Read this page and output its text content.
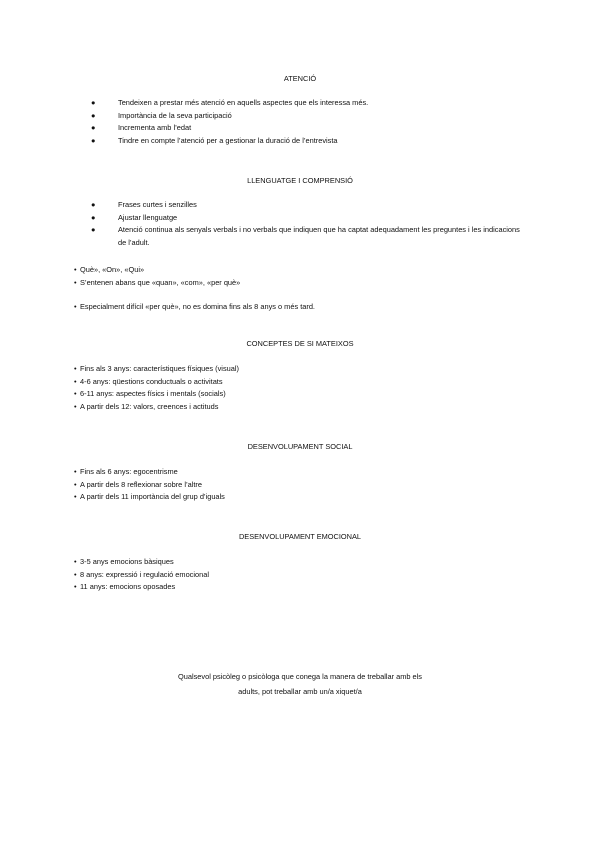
ATENCIÓ
●	Tendeixen a prestar més atenció en aquells aspectes que els interessa més.
●	Importància de la seva participació
●	Incrementa amb l’edat
●	Tindre en compte l’atenció per a gestionar la duració de l’entrevista
LLENGUATGE I COMPRENSIÓ
●	Frases curtes i senzilles
●	Ajustar llenguatge
●	Atenció continua als senyals verbals i no verbals que indiquen que ha captat adequadament les preguntes i les indicacions de l’adult.
• Què», «On», «Qui»
• S’entenen abans que «quan», «com», «per què»
• Especialment difícil «per què», no es domina fins als 8 anys o més tard.
CONCEPTES DE SI MATEIXOS
• Fins als 3 anys: característiques físiques (visual)
• 4-6 anys: qüestions conductuals o activitats
• 6-11 anys: aspectes físics i mentals (socials)
• A partir dels 12: valors, creences i actituds
DESENVOLUPAMENT SOCIAL
• Fins als 6 anys: egocentrisme
• A partir dels 8 reflexionar sobre l’altre
• A partir dels 11 importància del grup d’iguals
DESENVOLUPAMENT EMOCIONAL
• 3-5 anys emocions bàsiques
• 8 anys: expressió i regulació emocional
• 11 anys: emocions oposades
Qualsevol psicòleg o psicòloga que conega la manera de treballar amb els
adults, pot treballar amb un/a xiquet/a
